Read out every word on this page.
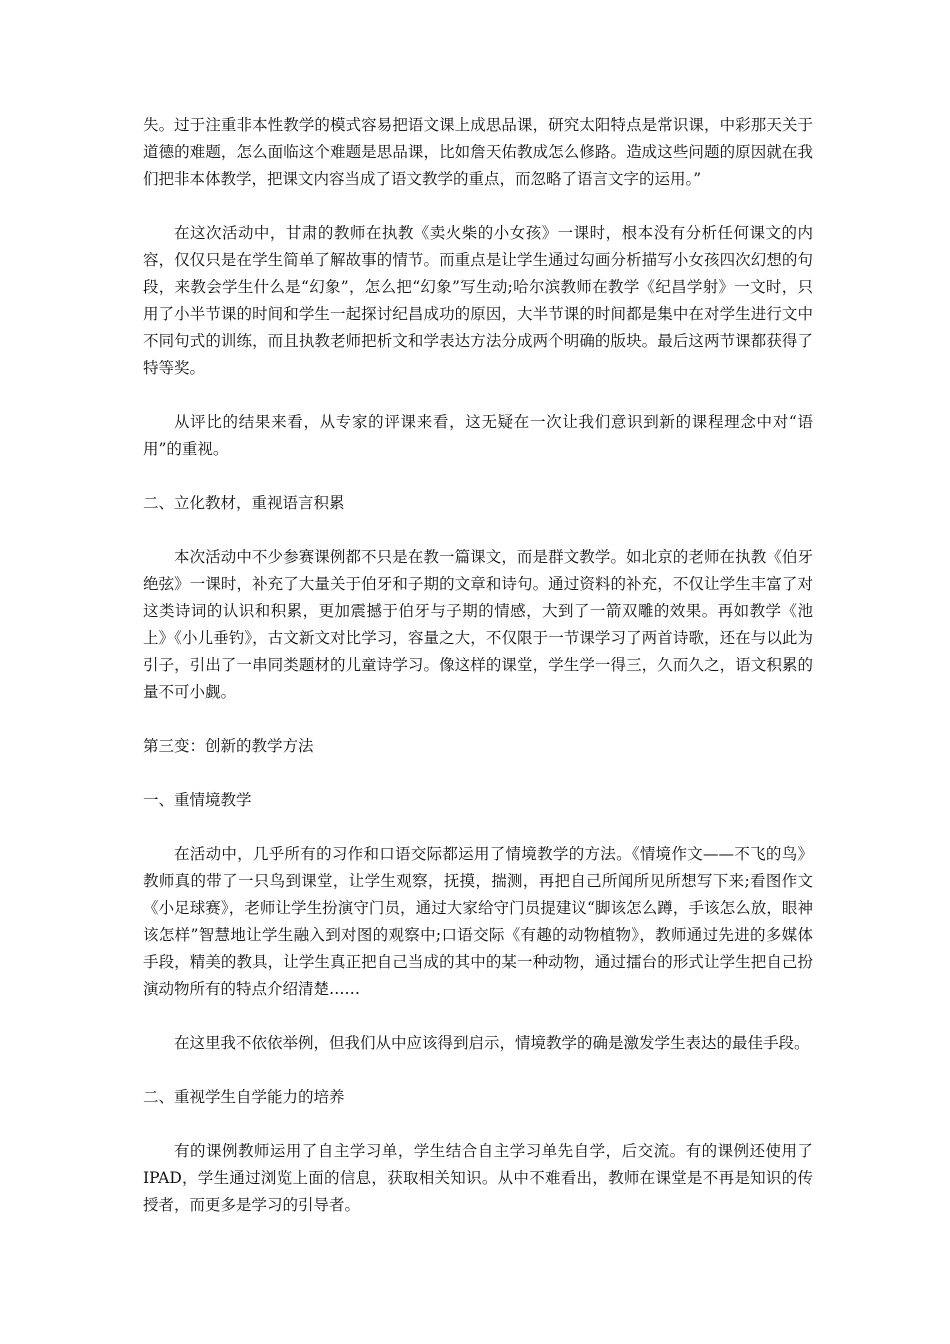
失。过于注重非本性教学的模式容易把语文课上成思品课，研究太阳特点是常识课，中彩那天关于道德的难题，怎么面临这个难题是思品课，比如詹天佑教成怎么修路。造成这些问题的原因就在我们把非本体教学，把课文内容当成了语文教学的重点，而忽略了语言文字的运用。”

在这次活动中，甘肃的教师在执教《卖火柴的小女孩》一课时，根本没有分析任何课文的内容，仅仅只是在学生简单了解故事的情节。而重点是让学生通过勾画分析描写小女孩四次幻想的句段，来教会学生什么是“幻象”，怎么把“幻象”写生动;哈尔滨教师在教学《纪昌学射》一文时，只用了小半节课的时间和学生一起探讨纪昌成功的原因，大半节课的时间都是集中在对学生进行文中不同句式的训练，而且执教老师把析文和学表达方法分成两个明确的版块。最后这两节课都获得了特等奖。

从评比的结果来看，从专家的评课来看，这无疑在一次让我们意识到新的课程理念中对“语用”的重视。

二、立化教材，重视语言积累

本次活动中不少参赛课例都不只是在教一篇课文，而是群文教学。如北京的老师在执教《伯牙绝弦》一课时，补充了大量关于伯牙和子期的文章和诗句。通过资料的补充，不仅让学生丰富了对这类诗词的认识和积累，更加震撼于伯牙与子期的情感，大到了一箭双雕的效果。再如教学《池上》《小儿垂钓》，古文新文对比学习，容量之大，不仅限于一节课学习了两首诗歌，还在与以此为引子，引出了一串同类题材的儿童诗学习。像这样的课堂，学生学一得三，久而久之，语文积累的量不可小觑。

第三变：创新的教学方法

一、重情境教学

在活动中，几乎所有的习作和口语交际都运用了情境教学的方法。《情境作文——不飞的鸟》教师真的带了一只鸟到课堂，让学生观察，抚摸，揣测，再把自己所闻所见所想写下来;看图作文《小足球赛》，老师让学生扮演守门员，通过大家给守门员提建议“脚该怎么蹲，手该怎么放，眼神该怎样”智慧地让学生融入到对图的观察中;口语交际《有趣的动物植物》，教师通过先进的多媒体手段，精美的教具，让学生真正把自己当成的其中的某一种动物，通过擂台的形式让学生把自己扮演动物所有的特点介绍清楚……

在这里我不依依举例，但我们从中应该得到启示，情境教学的确是激发学生表达的最佳手段。

二、重视学生自学能力的培养

有的课例教师运用了自主学习单，学生结合自主学习单先自学，后交流。有的课例还使用了IPAD，学生通过浏览上面的信息，获取相关知识。从中不难看出，教师在课堂是不再是知识的传授者，而更多是学习的引导者。
